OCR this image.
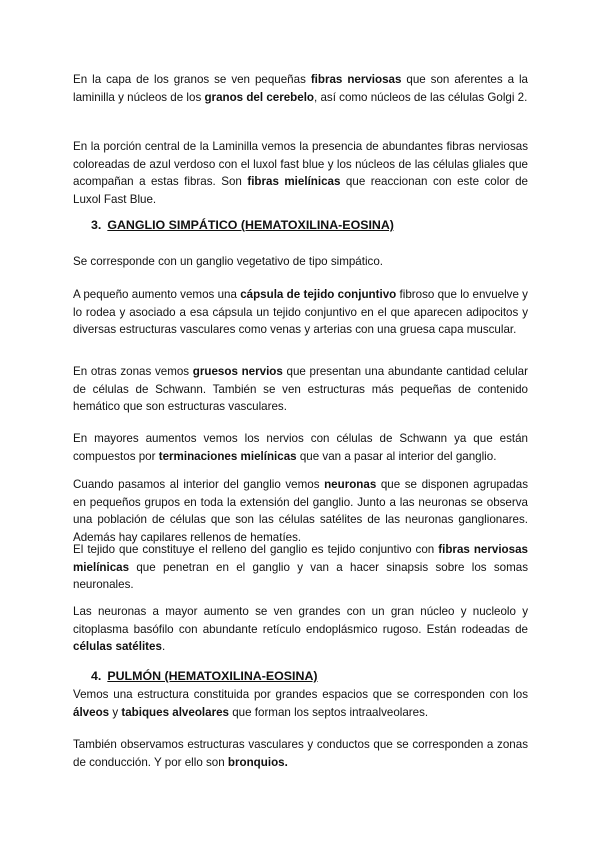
En la capa de los granos se ven pequeñas fibras nerviosas que son aferentes a la laminilla y núcleos de los granos del cerebelo, así como núcleos de las células Golgi 2.

En la porción central de la Laminilla vemos la presencia de abundantes fibras nerviosas coloreadas de azul verdoso con el luxol fast blue y los núcleos de las células gliales que acompañan a estas fibras. Son fibras mielínicas que reaccionan con este color de Luxol Fast Blue.

3. GANGLIO SIMPÁTICO (HEMATOXILINA-EOSINA)

Se corresponde con un ganglio vegetativo de tipo simpático.

A pequeño aumento vemos una cápsula de tejido conjuntivo fibroso que lo envuelve y lo rodea y asociado a esa cápsula un tejido conjuntivo en el que aparecen adipocitos y diversas estructuras vasculares como venas y arterias con una gruesa capa muscular.

En otras zonas vemos gruesos nervios que presentan una abundante cantidad celular de células de Schwann. También se ven estructuras más pequeñas de contenido hemático que son estructuras vasculares.

En mayores aumentos vemos los nervios con células de Schwann ya que están compuestos por terminaciones mielínicas que van a pasar al interior del ganglio.

Cuando pasamos al interior del ganglio vemos neuronas que se disponen agrupadas en pequeños grupos en toda la extensión del ganglio. Junto a las neuronas se observa una población de células que son las células satélites de las neuronas ganglionares. Además hay capilares rellenos de hematíes.

El tejido que constituye el relleno del ganglio es tejido conjuntivo con fibras nerviosas mielínicas que penetran en el ganglio y van a hacer sinapsis sobre los somas neuronales.

Las neuronas a mayor aumento se ven grandes con un gran núcleo y nucleolo y citoplasma basófilo con abundante retículo endoplásmico rugoso. Están rodeadas de células satélites.

4. PULMÓN (HEMATOXILINA-EOSINA)

Vemos una estructura constituida por grandes espacios que se corresponden con los álveos y tabiques alveolares que forman los septos intraalveolares.

También observamos estructuras vasculares y conductos que se corresponden a zonas de conducción. Y por ello son bronquios.
